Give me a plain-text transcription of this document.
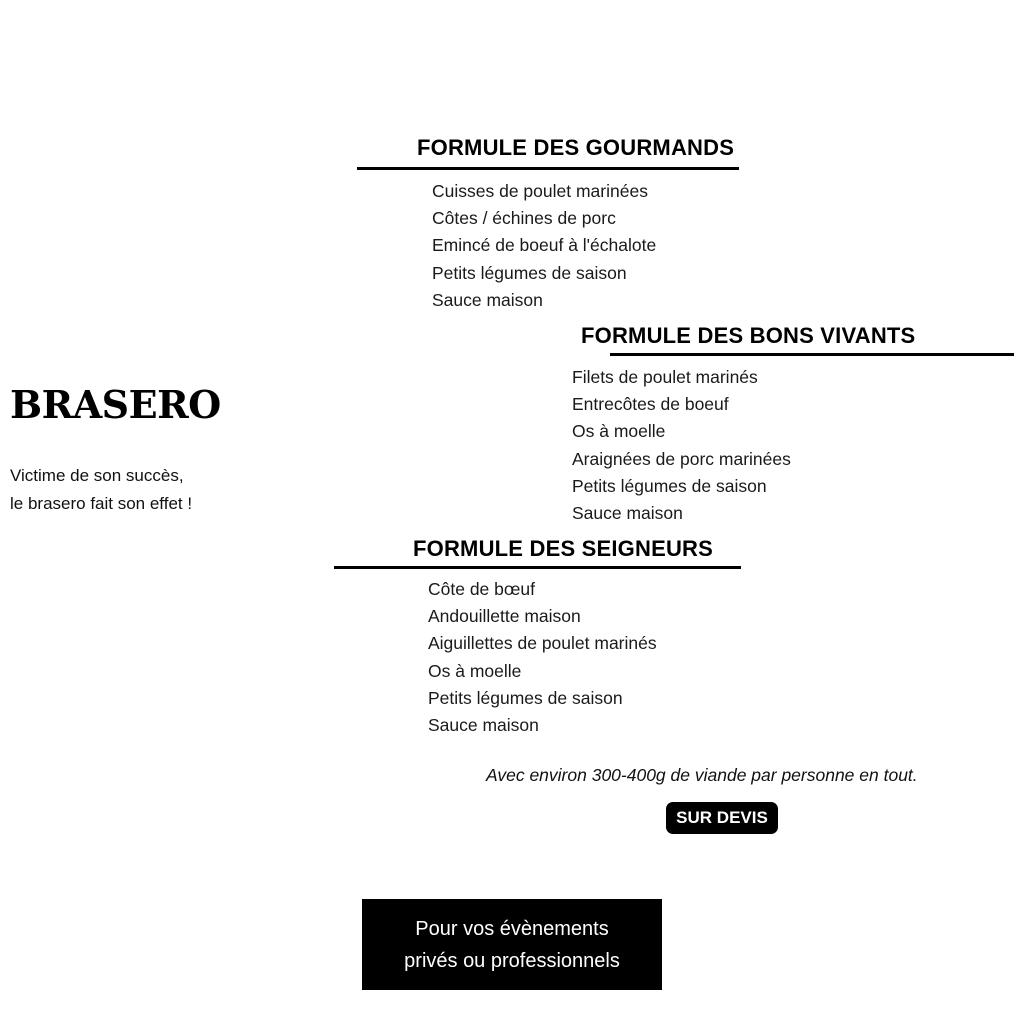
BRASERO
Victime de son succès,
le brasero fait son effet !
FORMULE DES GOURMANDS
Cuisses de poulet marinées
Côtes / échines de porc
Emincé de boeuf à l'échalote
Petits légumes de saison
Sauce maison
FORMULE DES BONS VIVANTS
Filets de poulet marinés
Entrecôtes de boeuf
Os à moelle
Araignées de porc marinées
Petits légumes de saison
Sauce maison
FORMULE DES SEIGNEURS
Côte de bœuf
Andouillette maison
Aiguillettes de poulet marinés
Os à moelle
Petits légumes de saison
Sauce maison
Avec environ 300-400g de viande par personne en tout.
SUR DEVIS
Pour vos évènements
privés ou professionnels
